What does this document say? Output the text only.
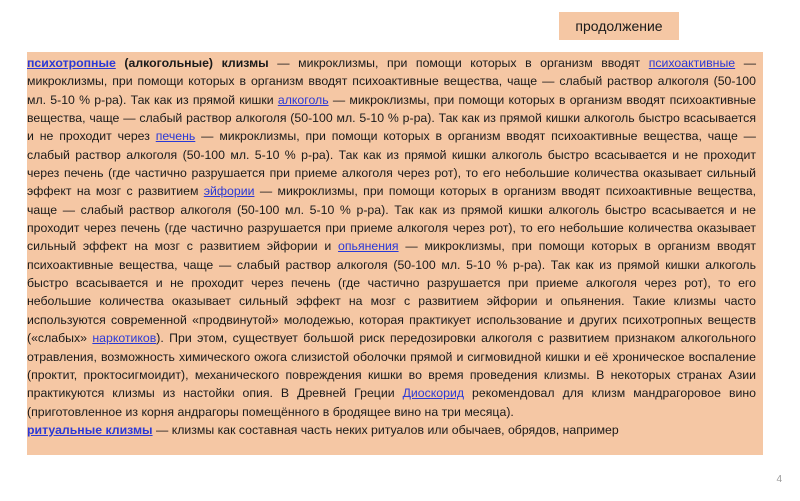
продолжение

психотропные (алкогольные) клизмы — микроклизмы, при помощи которых в организм вводят психоактивные — микроклизмы, при помощи которых в организм вводят психоактивные вещества, чаще — слабый раствор алкоголя (50-100 мл. 5-10 % р-ра). Так как из прямой кишки алкоголь — микроклизмы, при помощи которых в организм вводят психоактивные вещества, чаще — слабый раствор алкоголя (50-100 мл. 5-10 % р-ра). Так как из прямой кишки алкоголь быстро всасывается и не проходит через печень — микроклизмы, при помощи которых в организм вводят психоактивные вещества, чаще — слабый раствор алкоголя (50-100 мл. 5-10 % р-ра). Так как из прямой кишки алкоголь быстро всасывается и не проходит через печень (где частично разрушается при приеме алкоголя через рот), то его небольшие количества оказывает сильный эффект на мозг с развитием эйфории — микроклизмы, при помощи которых в организм вводят психоактивные вещества, чаще — слабый раствор алкоголя (50-100 мл. 5-10 % р-ра). Так как из прямой кишки алкоголь быстро всасывается и не проходит через печень (где частично разрушается при приеме алкоголя через рот), то его небольшие количества оказывает сильный эффект на мозг с развитием эйфории и опьянения — микроклизмы, при помощи которых в организм вводят психоактивные вещества, чаще — слабый раствор алкоголя (50-100 мл. 5-10 % р-ра). Так как из прямой кишки алкоголь быстро всасывается и не проходит через печень (где частично разрушается при приеме алкоголя через рот), то его небольшие количества оказывает сильный эффект на мозг с развитием эйфории и опьянения. Такие клизмы часто используются современной «продвинутой» молодежью, которая практикует использование и других психотропных веществ («слабых» наркотиков). При этом, существует большой риск передозировки алкоголя с развитием признаком алкогольного отравления, возможность химического ожога слизистой оболочки прямой и сигмовидной кишки и её хроническое воспаление (проктит, проктосигмоидит), механического повреждения кишки во время проведения клизмы. В некоторых странах Азии практикуются клизмы из настойки опия. В Древней Греции Диоскорид рекомендовал для клизм мандрагоровое вино (приготовленное из корня андрагоры помещённого в бродящее вино на три месяца).

ритуальные клизмы — клизмы как составная часть неких ритуалов или обычаев, обрядов, например

4
